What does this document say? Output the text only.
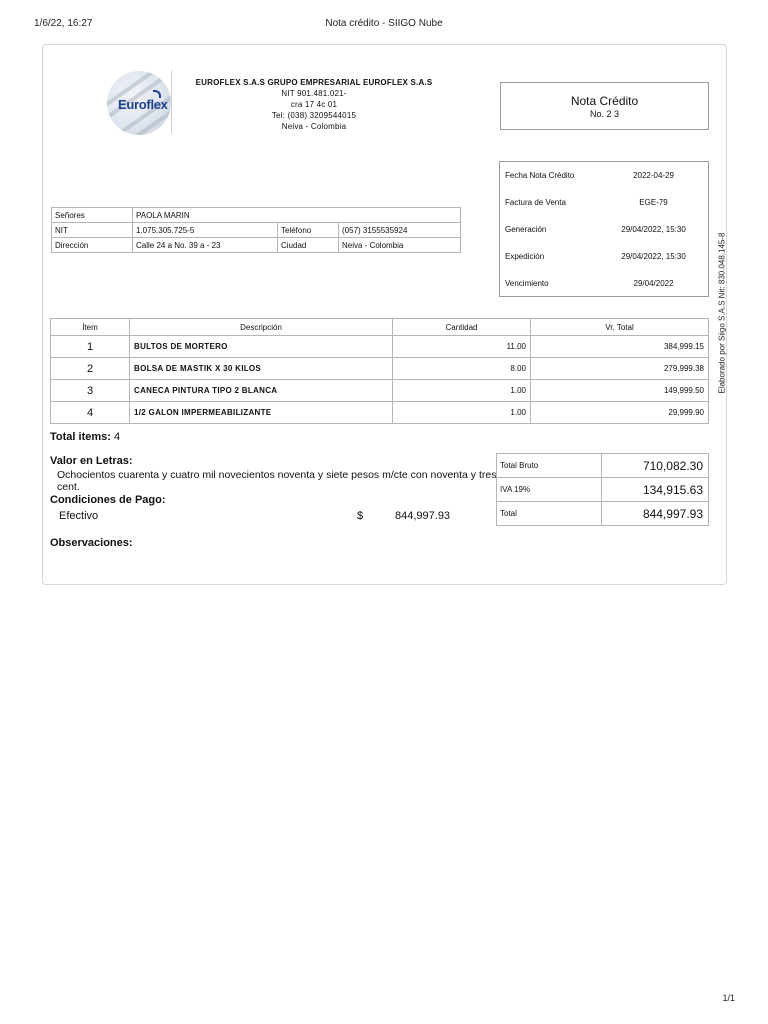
1/6/22, 16:27	Nota crédito - SIIGO Nube
Euroflex
EUROFLEX S.A.S GRUPO EMPRESARIAL EUROFLEX S.A.S
NIT 901.481.021-
cra 17 4c 01
Tel: (038) 3209544015
Neiva - Colombia
Nota Crédito
No. 2 3
Fecha Nota Crédito	2022-04-29
Factura de Venta	EGE-79
Generación	29/04/2022, 15:30
Expedición	29/04/2022, 15:30
Vencimiento	29/04/2022
Señores	PAOLA MARIN		
NIT	1.075.305.725-5	Teléfono	(057) 3155535924
Dirección	Calle 24 a No. 39 a - 23	Ciudad	Neiva - Colombia
Ítem	Descripción	Cantidad	Vr. Total
1	BULTOS DE MORTERO	11.00	384,999.15
2	BOLSA DE MASTIK X 30 KILOS	8.00	279,999.38
3	CANECA PINTURA TIPO 2 BLANCA	1.00	149,999.50
4	1/2 GALON IMPERMEABILIZANTE	1.00	29,999.90
Total items: 4
Valor en Letras:
Ochocientos cuarenta y cuatro mil novecientos noventa y siete pesos m/cte con noventa y tres cent.
Condiciones de Pago:
Efectivo	$	844,997.93
Observaciones:
Total Bruto	710,082.30
IVA 19%	134,915.63
Total	844,997.93
Elaborado por Siigo S.A.S Nit: 830.048.145-8
1/1
